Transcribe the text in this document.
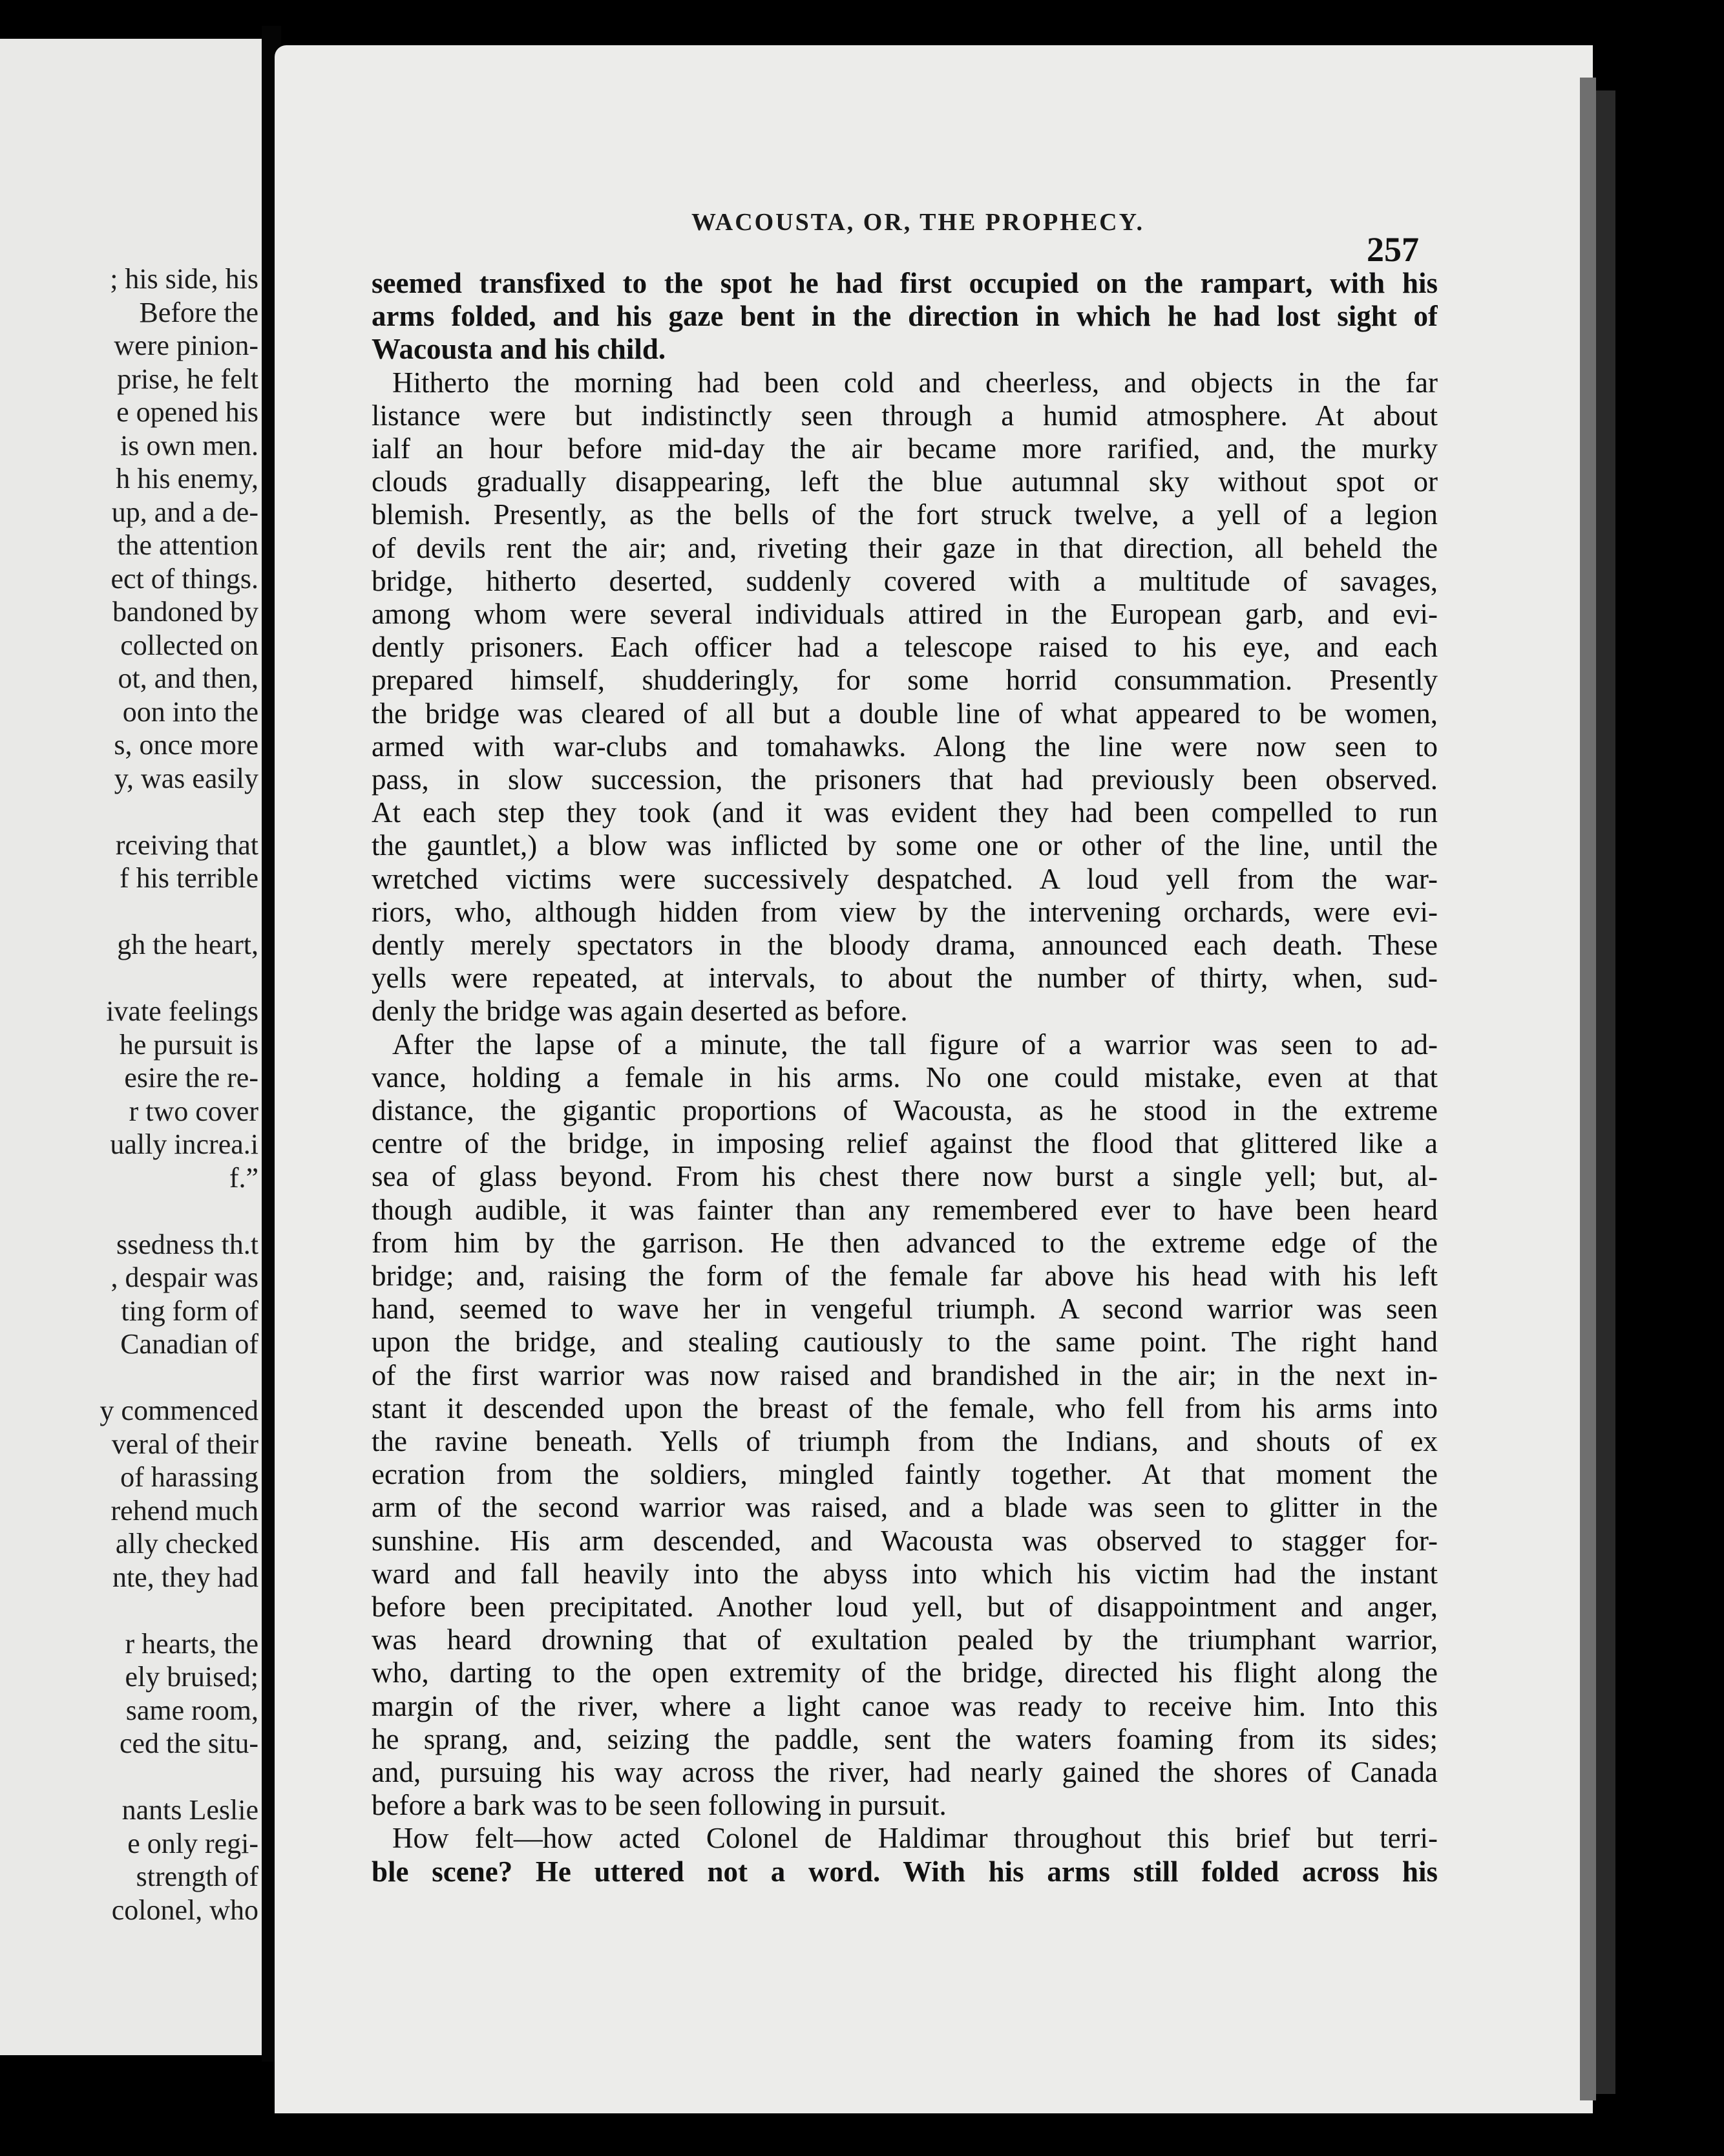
; his side, his
Before the
were pinion-
prise, he felt
e opened his
is own men.
h his enemy,
up, and a de-
the attention
ect of things.
bandoned by
collected on
ot, and then,
oon into the
s, once more
y, was easily
rceiving that
f his terrible
gh the heart,
ivate feelings
he pursuit is
esire the re-
r two cover
ually increa.i
f.”
ssedness th.t
, despair was
ting form of
Canadian of
y commenced
veral of their
of harassing
rehend much
ally checked
nte, they had
r hearts, the
ely bruised;
same room,
ced the situ-
nants Leslie
e only regi-
strength of
colonel, who
WACOUSTA, OR, THE PROPHECY.
257
seemed transfixed to the spot he had first occupied on the rampart, with his
arms folded, and his gaze bent in the direction in which he had lost sight of
Wacousta and his child.
Hitherto the morning had been cold and cheerless, and objects in the far
listance were but indistinctly seen through a humid atmosphere. At about
ialf an hour before mid-day the air became more rarified, and, the murky
clouds gradually disappearing, left the blue autumnal sky without spot or
blemish. Presently, as the bells of the fort struck twelve, a yell of a legion
of devils rent the air; and, riveting their gaze in that direction, all beheld the
bridge, hitherto deserted, suddenly covered with a multitude of savages,
among whom were several individuals attired in the European garb, and evi-
dently prisoners. Each officer had a telescope raised to his eye, and each
prepared himself, shudderingly, for some horrid consummation. Presently
the bridge was cleared of all but a double line of what appeared to be women,
armed with war-clubs and tomahawks. Along the line were now seen to
pass, in slow succession, the prisoners that had previously been observed.
At each step they took (and it was evident they had been compelled to run
the gauntlet,) a blow was inflicted by some one or other of the line, until the
wretched victims were successively despatched. A loud yell from the war-
riors, who, although hidden from view by the intervening orchards, were evi-
dently merely spectators in the bloody drama, announced each death. These
yells were repeated, at intervals, to about the number of thirty, when, sud-
denly the bridge was again deserted as before.
After the lapse of a minute, the tall figure of a warrior was seen to ad-
vance, holding a female in his arms. No one could mistake, even at that
distance, the gigantic proportions of Wacousta, as he stood in the extreme
centre of the bridge, in imposing relief against the flood that glittered like a
sea of glass beyond. From his chest there now burst a single yell; but, al-
though audible, it was fainter than any remembered ever to have been heard
from him by the garrison. He then advanced to the extreme edge of the
bridge; and, raising the form of the female far above his head with his left
hand, seemed to wave her in vengeful triumph. A second warrior was seen
upon the bridge, and stealing cautiously to the same point. The right hand
of the first warrior was now raised and brandished in the air; in the next in-
stant it descended upon the breast of the female, who fell from his arms into
the ravine beneath. Yells of triumph from the Indians, and shouts of ex
ecration from the soldiers, mingled faintly together. At that moment the
arm of the second warrior was raised, and a blade was seen to glitter in the
sunshine. His arm descended, and Wacousta was observed to stagger for-
ward and fall heavily into the abyss into which his victim had the instant
before been precipitated. Another loud yell, but of disappointment and anger,
was heard drowning that of exultation pealed by the triumphant warrior,
who, darting to the open extremity of the bridge, directed his flight along the
margin of the river, where a light canoe was ready to receive him. Into this
he sprang, and, seizing the paddle, sent the waters foaming from its sides;
and, pursuing his way across the river, had nearly gained the shores of Canada
before a bark was to be seen following in pursuit.
How felt—how acted Colonel de Haldimar throughout this brief but terri-
ble scene? He uttered not a word. With his arms still folded across his
